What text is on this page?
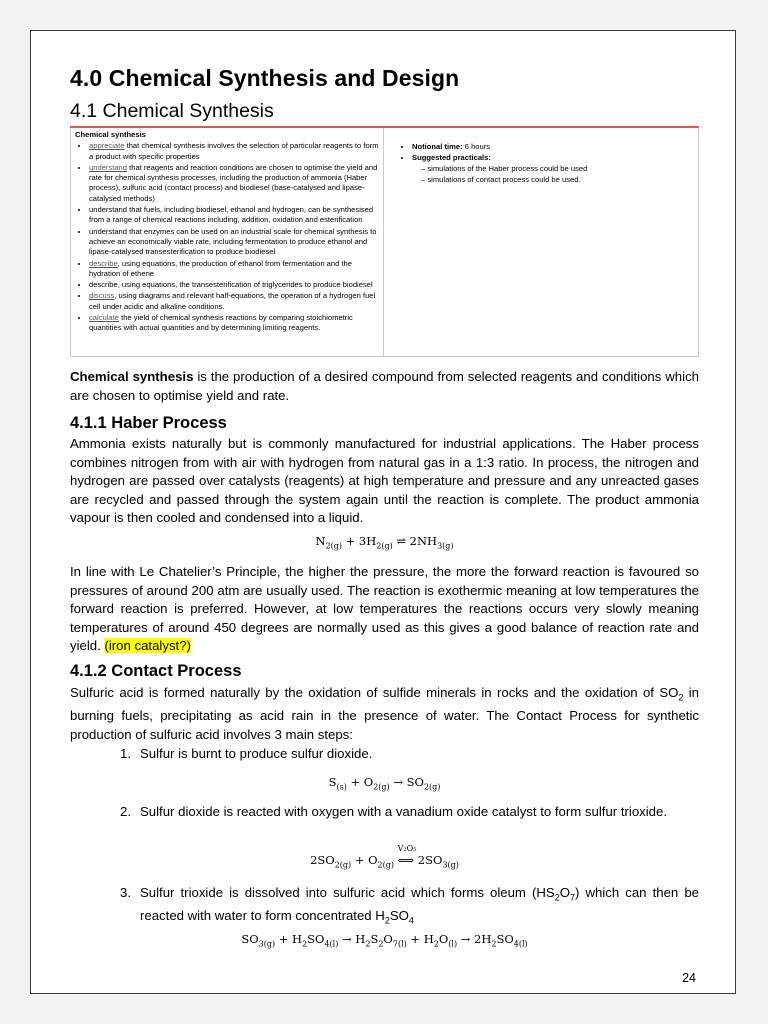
4.0 Chemical Synthesis and Design
4.1 Chemical Synthesis
Chemical synthesis
• appreciate that chemical synthesis involves the selection of particular reagents to form a product with specific properties
• understand that reagents and reaction conditions are chosen to optimise the yield and rate for chemical synthesis processes, including the production of ammonia (Haber process), sulfuric acid (contact process) and biodiesel (base-catalysed and lipase-catalysed methods)
• understand that fuels, including biodiesel, ethanol and hydrogen, can be synthesised from a range of chemical reactions including, addition, oxidation and esterification
• understand that enzymes can be used on an industrial scale for chemical synthesis to achieve an economically viable rate, including fermentation to produce ethanol and lipase-catalysed transesterification to produce biodiesel
• describe, using equations, the production of ethanol from fermentation and the hydration of ethene
• describe, using equations, the transesterification of triglycerides to produce biodiesel
• discuss, using diagrams and relevant half-equations, the operation of a hydrogen fuel cell under acidic and alkaline conditions.
• calculate the yield of chemical synthesis reactions by comparing stoichiometric quantities with actual quantities and by determining limiting reagents.
• Notional time: 6 hours
• Suggested practicals:
– simulations of the Haber process could be used
– simulations of contact process could be used.

Chemical synthesis is the production of a desired compound from selected reagents and conditions which are chosen to optimise yield and rate.

4.1.1 Haber Process

Ammonia exists naturally but is commonly manufactured for industrial applications. The Haber process combines nitrogen from with air with hydrogen from natural gas in a 1:3 ratio. In process, the nitrogen and hydrogen are passed over catalysts (reagents) at high temperature and pressure and any unreacted gases are recycled and passed through the system again until the reaction is complete. The product ammonia vapour is then cooled and condensed into a liquid.

$N_{2(g)} + 3H_{2(g)}$ ⇌ $2NH_{3(g)}$

In line with Le Chatelier’s Principle, the higher the pressure, the more the forward reaction is favoured so pressures of around 200 atm are usually used. The reaction is exothermic meaning at low temperatures the forward reaction is preferred. However, at low temperatures the reactions occurs very slowly meaning temperatures of around 450 degrees are normally used as this gives a good balance of reaction rate and yield. (iron catalyst?)

4.1.2 Contact Process

Sulfuric acid is formed naturally by the oxidation of sulfide minerals in rocks and the oxidation of $SO_2$ in burning fuels, precipitating as acid rain in the presence of water. The Contact Process for synthetic production of sulfuric acid involves 3 main steps:

1. Sulfur is burnt to produce sulfur dioxide.
$S_{(s)} + O_{2(g)} \to SO_{2(g)}$
2. Sulfur dioxide is reacted with oxygen with a vanadium oxide catalyst to form sulfur trioxide.
$2SO_{2(g)} + O_{2(g)}$
V₂O₅
⟺ $2SO_{3(g)}$
3. Sulfur trioxide is dissolved into sulfuric acid which forms oleum $(HS_2O_7)$ which can then be reacted with water to form concentrated $H_2SO_4$
$SO_{3(g)} + H_2SO_{4(l)} \to H_2S_2O_{7(l)} + H_2O_{(l)} \to 2H_2SO_{4(l)}$
24
